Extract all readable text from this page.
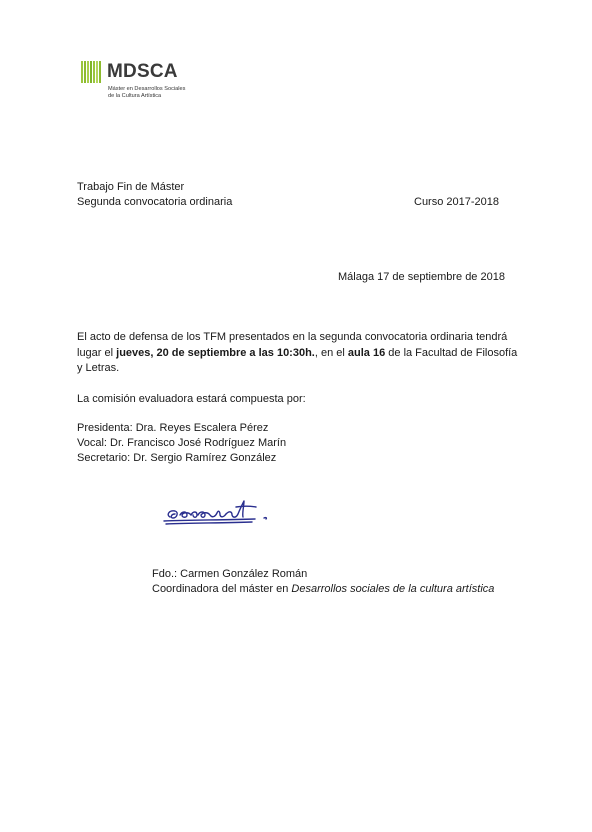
MDSCA
Máster en Desarrollos Sociales
de la Cultura Artística
Trabajo Fin de Máster
Segunda convocatoria ordinaria	Curso 2017-2018
Málaga 17 de septiembre de 2018
El acto de defensa de los TFM presentados en la segunda convocatoria ordinaria tendrá lugar el jueves, 20 de septiembre a las 10:30h., en el aula 16 de la Facultad de Filosofía y Letras.
La comisión evaluadora estará compuesta por:
Presidenta: Dra. Reyes Escalera Pérez
Vocal: Dr. Francisco José Rodríguez Marín
Secretario: Dr. Sergio Ramírez González
Fdo.: Carmen González Román
Coordinadora del máster en Desarrollos sociales de la cultura artística
